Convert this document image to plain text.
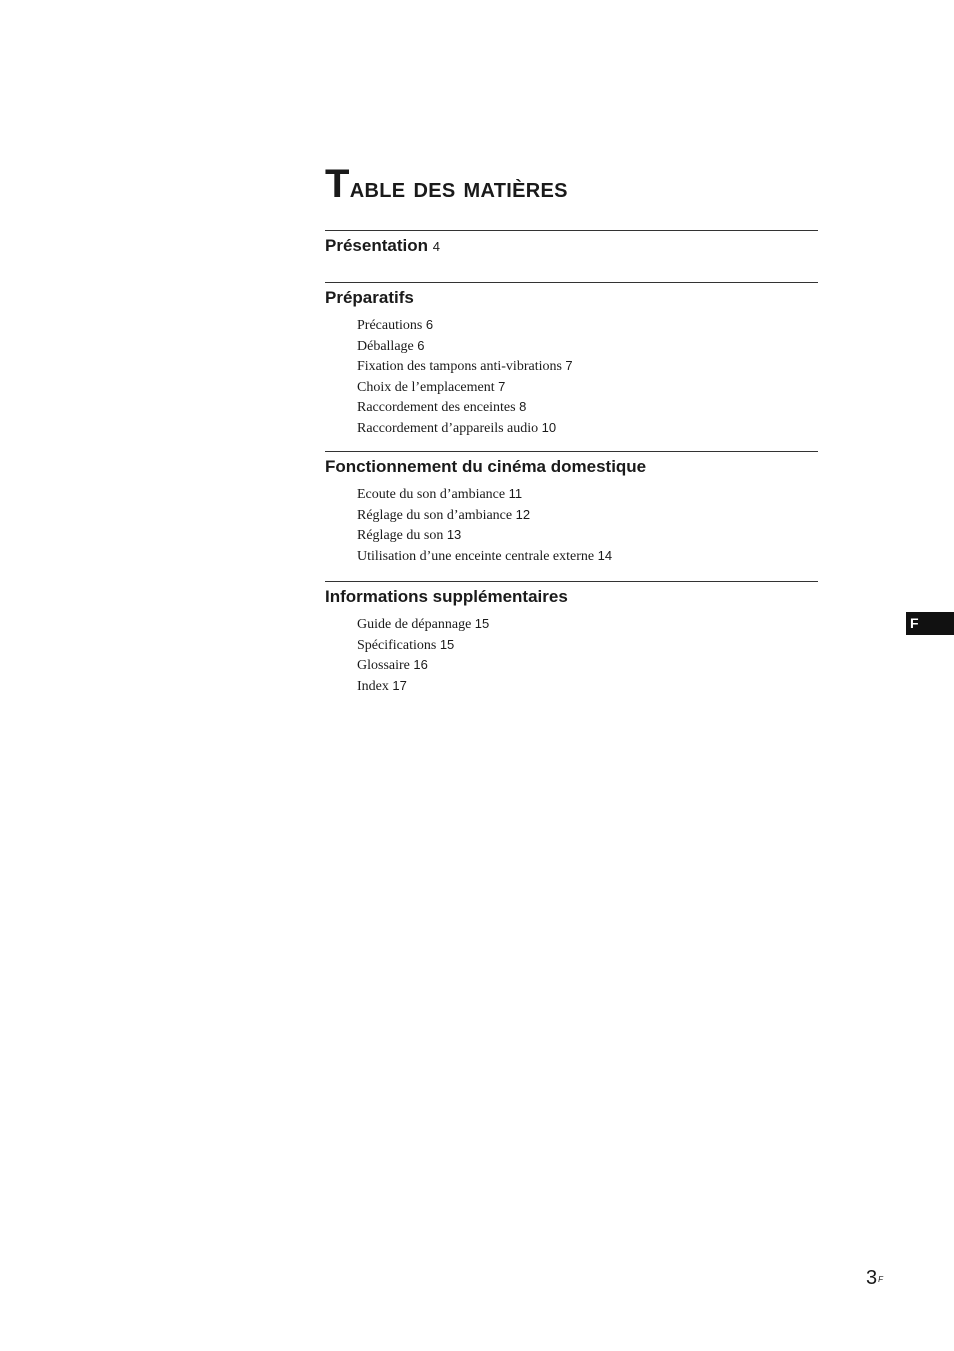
Table des matières
Présentation 4
Préparatifs
Précautions 6
Déballage 6
Fixation des tampons anti-vibrations 7
Choix de l’emplacement 7
Raccordement des enceintes 8
Raccordement d’appareils audio 10
Fonctionnement du cinéma domestique
Ecoute du son d’ambiance 11
Réglage du son d’ambiance 12
Réglage du son 13
Utilisation d’une enceinte centrale externe 14
Informations supplémentaires
Guide de dépannage 15
Spécifications 15
Glossaire 16
Index 17
F
$3^F$
